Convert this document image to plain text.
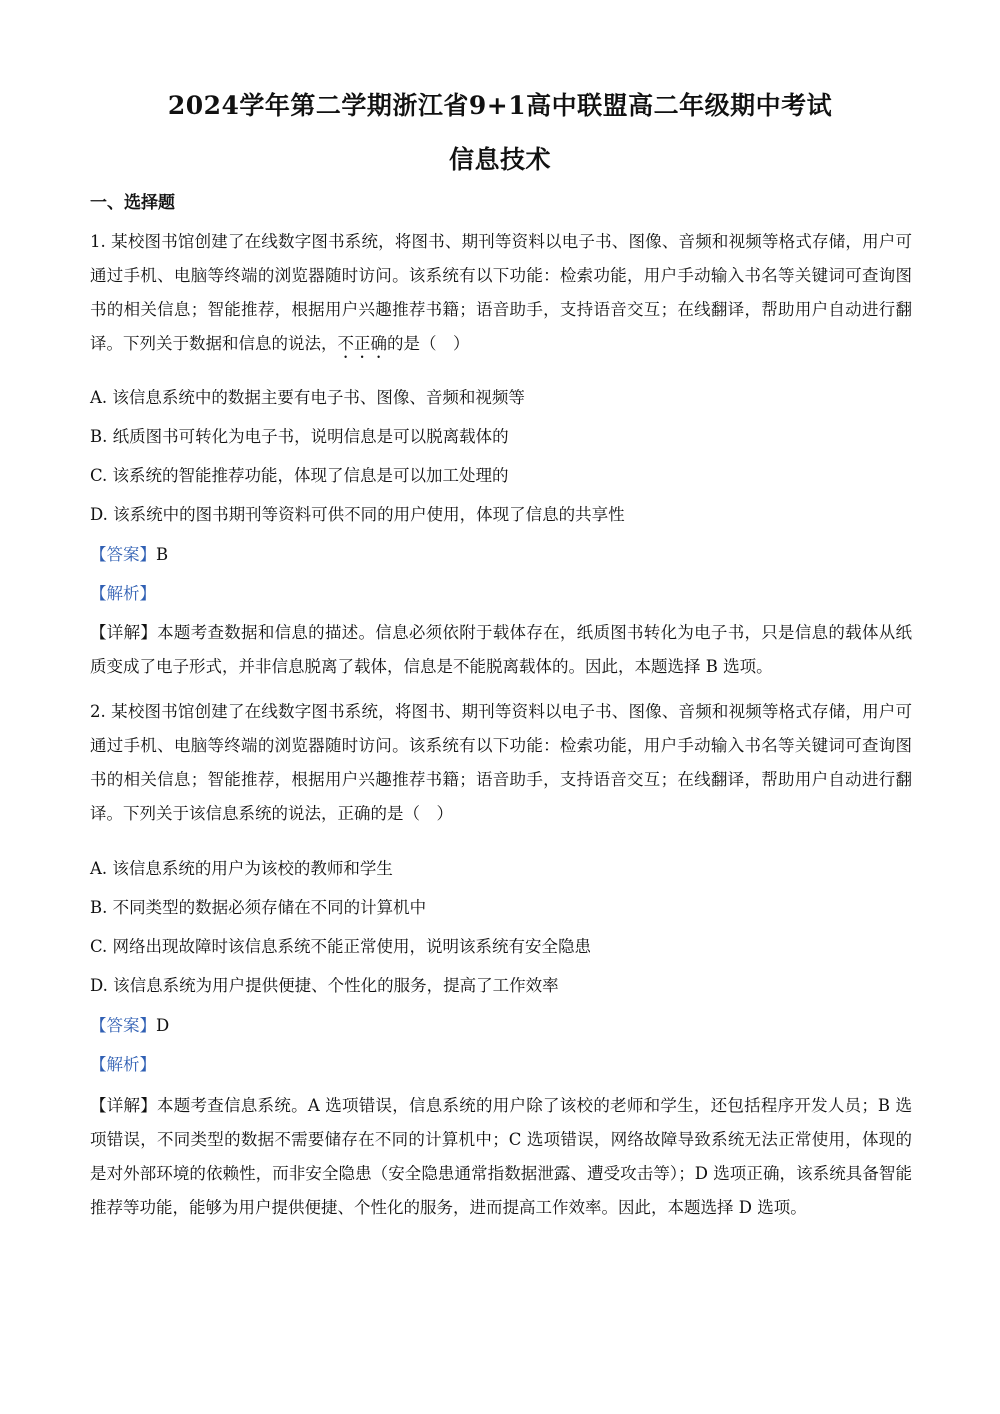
2024学年第二学期浙江省9+1高中联盟高二年级期中考试
信息技术
一、选择题
1. 某校图书馆创建了在线数字图书系统，将图书、期刊等资料以电子书、图像、音频和视频等格式存储，用户可通过手机、电脑等终端的浏览器随时访问。该系统有以下功能：检索功能，用户手动输入书名等关键词可查询图书的相关信息；智能推荐，根据用户兴趣推荐书籍；语音助手，支持语音交互；在线翻译，帮助用户自动进行翻译。下列关于数据和信息的说法，不正确的是（　）
A. 该信息系统中的数据主要有电子书、图像、音频和视频等
B. 纸质图书可转化为电子书，说明信息是可以脱离载体的
C. 该系统的智能推荐功能，体现了信息是可以加工处理的
D. 该系统中的图书期刊等资料可供不同的用户使用，体现了信息的共享性
【答案】B
【解析】
【详解】本题考查数据和信息的描述。信息必须依附于载体存在，纸质图书转化为电子书，只是信息的载体从纸质变成了电子形式，并非信息脱离了载体，信息是不能脱离载体的。因此，本题选择 B 选项。
2. 某校图书馆创建了在线数字图书系统，将图书、期刊等资料以电子书、图像、音频和视频等格式存储，用户可通过手机、电脑等终端的浏览器随时访问。该系统有以下功能：检索功能，用户手动输入书名等关键词可查询图书的相关信息；智能推荐，根据用户兴趣推荐书籍；语音助手，支持语音交互；在线翻译，帮助用户自动进行翻译。下列关于该信息系统的说法，正确的是（　）
A. 该信息系统的用户为该校的教师和学生
B. 不同类型的数据必须存储在不同的计算机中
C. 网络出现故障时该信息系统不能正常使用，说明该系统有安全隐患
D. 该信息系统为用户提供便捷、个性化的服务，提高了工作效率
【答案】D
【解析】
【详解】本题考查信息系统。A 选项错误，信息系统的用户除了该校的老师和学生，还包括程序开发人员；B 选项错误，不同类型的数据不需要储存在不同的计算机中；C 选项错误，网络故障导致系统无法正常使用，体现的是对外部环境的依赖性，而非安全隐患（安全隐患通常指数据泄露、遭受攻击等）；D 选项正确，该系统具备智能推荐等功能，能够为用户提供便捷、个性化的服务，进而提高工作效率。因此，本题选择 D 选项。
